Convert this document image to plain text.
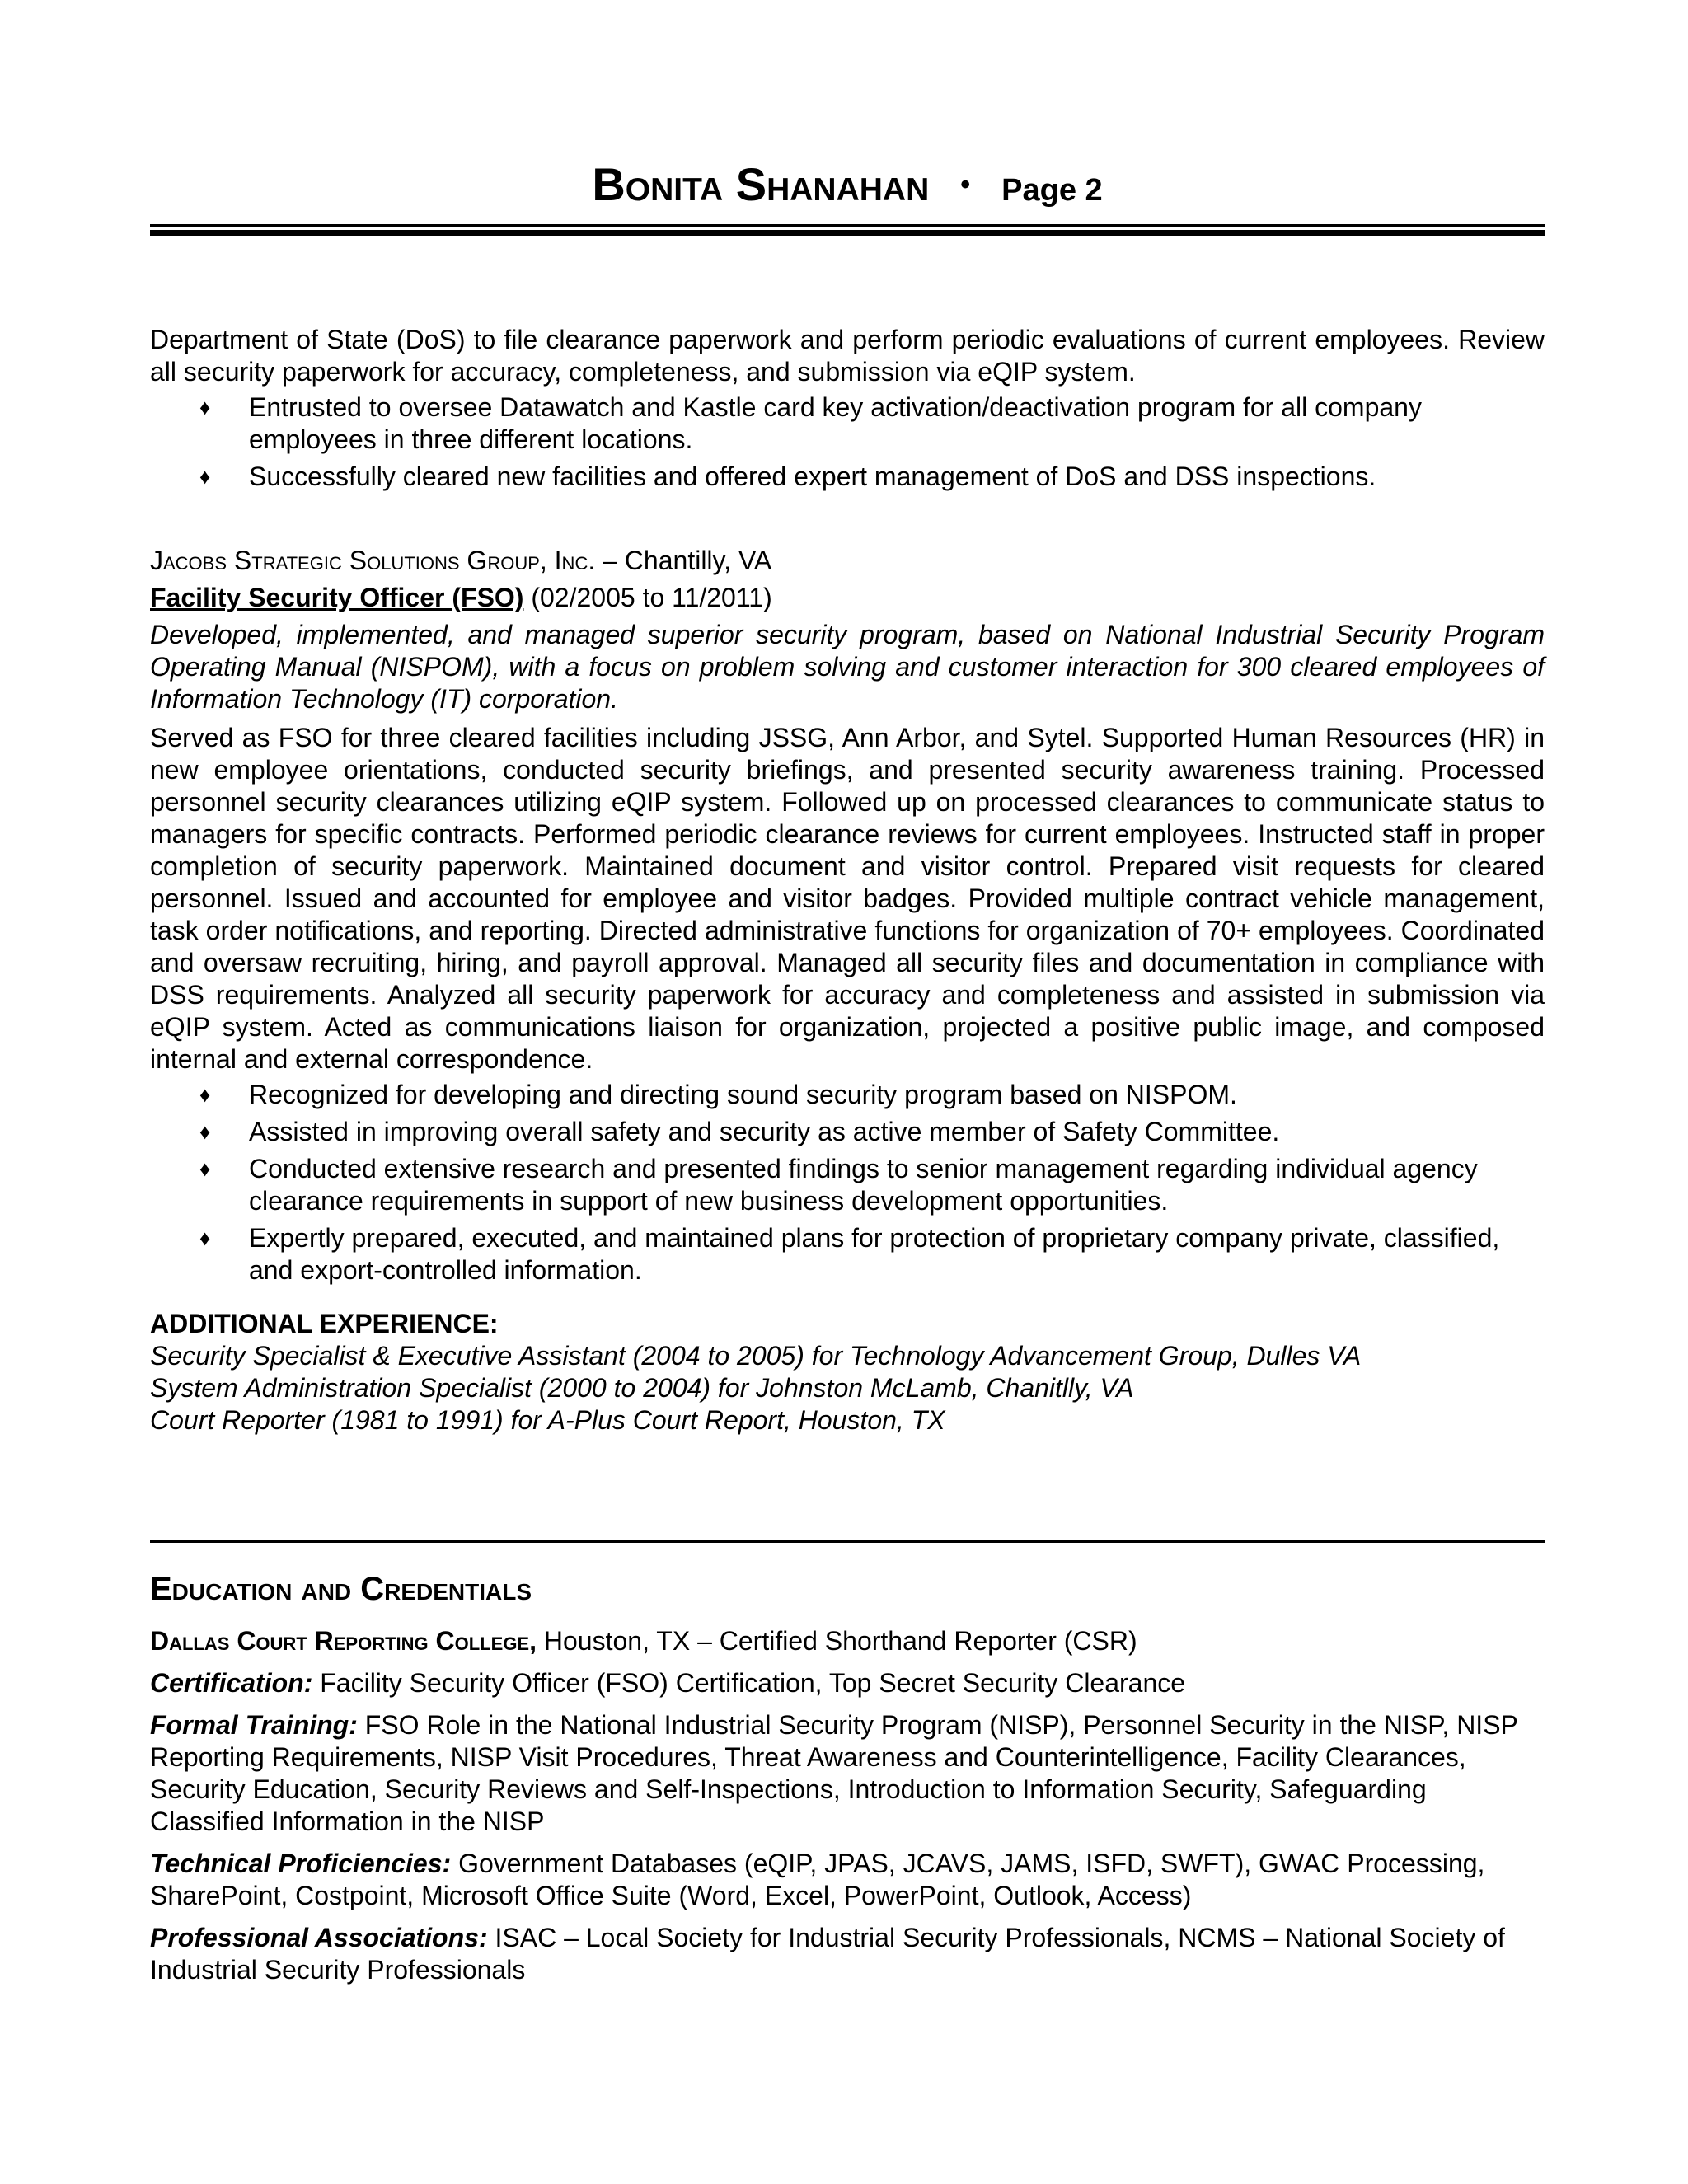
Bonita Shanahan • Page 2

Department of State (DoS) to file clearance paperwork and perform periodic evaluations of current employees. Review all security paperwork for accuracy, completeness, and submission via eQIP system.

♦ Entrusted to oversee Datawatch and Kastle card key activation/deactivation program for all company employees in three different locations.
♦ Successfully cleared new facilities and offered expert management of DoS and DSS inspections.

Jacobs Strategic Solutions Group, Inc. – Chantilly, VA

Facility Security Officer (FSO) (02/2005 to 11/2011)

Developed, implemented, and managed superior security program, based on National Industrial Security Program Operating Manual (NISPOM), with a focus on problem solving and customer interaction for 300 cleared employees of Information Technology (IT) corporation.

Served as FSO for three cleared facilities including JSSG, Ann Arbor, and Sytel. Supported Human Resources (HR) in new employee orientations, conducted security briefings, and presented security awareness training. Processed personnel security clearances utilizing eQIP system. Followed up on processed clearances to communicate status to managers for specific contracts. Performed periodic clearance reviews for current employees. Instructed staff in proper completion of security paperwork. Maintained document and visitor control. Prepared visit requests for cleared personnel. Issued and accounted for employee and visitor badges. Provided multiple contract vehicle management, task order notifications, and reporting. Directed administrative functions for organization of 70+ employees. Coordinated and oversaw recruiting, hiring, and payroll approval. Managed all security files and documentation in compliance with DSS requirements. Analyzed all security paperwork for accuracy and completeness and assisted in submission via eQIP system. Acted as communications liaison for organization, projected a positive public image, and composed internal and external correspondence.

♦ Recognized for developing and directing sound security program based on NISPOM.
♦ Assisted in improving overall safety and security as active member of Safety Committee.
♦ Conducted extensive research and presented findings to senior management regarding individual agency clearance requirements in support of new business development opportunities.
♦ Expertly prepared, executed, and maintained plans for protection of proprietary company private, classified, and export-controlled information.

ADDITIONAL EXPERIENCE:

Security Specialist & Executive Assistant (2004 to 2005) for Technology Advancement Group, Dulles VA

System Administration Specialist (2000 to 2004) for Johnston McLamb, Chanitlly, VA

Court Reporter (1981 to 1991) for A-Plus Court Report, Houston, TX

Education and Credentials

Dallas Court Reporting College, Houston, TX – Certified Shorthand Reporter (CSR)

Certification: Facility Security Officer (FSO) Certification, Top Secret Security Clearance

Formal Training: FSO Role in the National Industrial Security Program (NISP), Personnel Security in the NISP, NISP Reporting Requirements, NISP Visit Procedures, Threat Awareness and Counterintelligence, Facility Clearances, Security Education, Security Reviews and Self-Inspections, Introduction to Information Security, Safeguarding Classified Information in the NISP

Technical Proficiencies: Government Databases (eQIP, JPAS, JCAVS, JAMS, ISFD, SWFT), GWAC Processing, SharePoint, Costpoint, Microsoft Office Suite (Word, Excel, PowerPoint, Outlook, Access)

Professional Associations: ISAC – Local Society for Industrial Security Professionals, NCMS – National Society of Industrial Security Professionals
